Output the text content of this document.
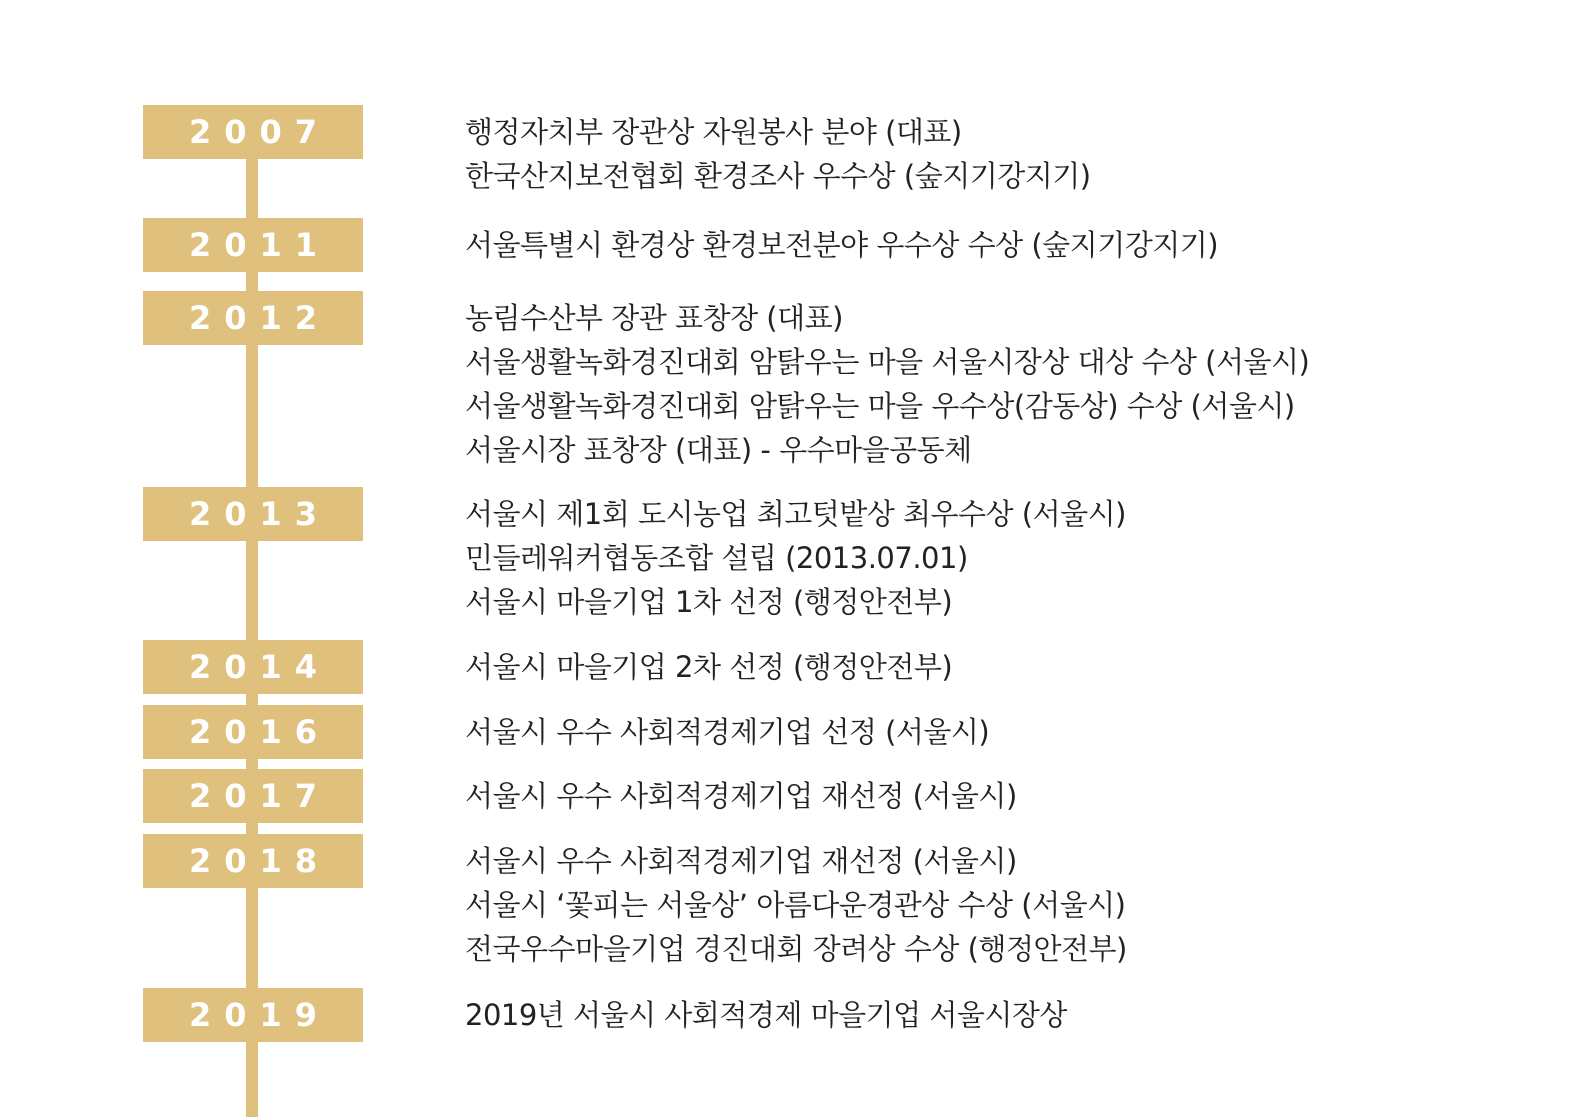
2007	행정자치부 장관상 자원봉사 분야 (대표)
한국산지보전협회 환경조사 우수상 (숲지기강지기)
2011	서울특별시 환경상 환경보전분야 우수상 수상 (숲지기강지기)
2012	농림수산부 장관 표창장 (대표)
서울생활녹화경진대회 암탉우는 마을 서울시장상 대상 수상 (서울시)
서울생활녹화경진대회 암탉우는 마을 우수상(감동상) 수상 (서울시)
서울시장 표창장 (대표) - 우수마을공동체
2013	서울시 제1회 도시농업 최고텃밭상 최우수상 (서울시)
민들레워커협동조합 설립 (2013.07.01)
서울시 마을기업 1차 선정 (행정안전부)
2014	서울시 마을기업 2차 선정 (행정안전부)
2016	서울시 우수 사회적경제기업 선정 (서울시)
2017	서울시 우수 사회적경제기업 재선정 (서울시)
2018	서울시 우수 사회적경제기업 재선정 (서울시)
서울시 ‘꽃피는 서울상’ 아름다운경관상 수상 (서울시)
전국우수마을기업 경진대회 장려상 수상 (행정안전부)
2019	2019년 서울시 사회적경제 마을기업 서울시장상
